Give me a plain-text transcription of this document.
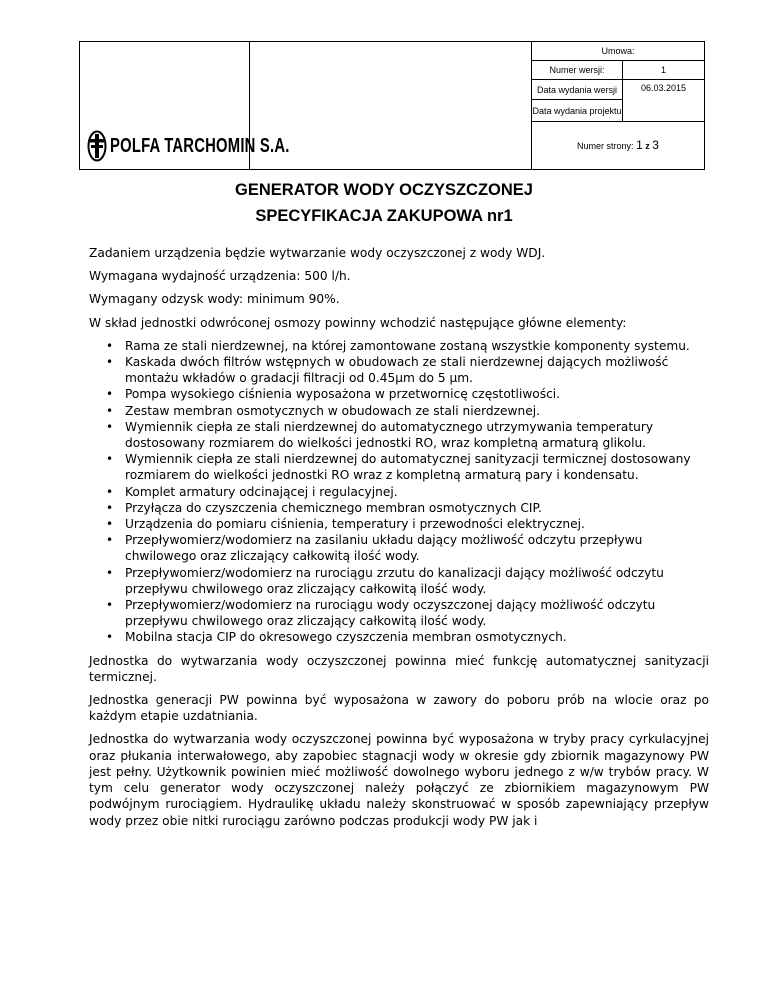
POLFA TARCHOMIN S.A.		Umowa:	
		Numer wersji:	1
		Data wydania wersji	06.03.2015
		Data wydania projektu	
		Numer strony: 1 z 3	
GENERATOR WODY OCZYSZCZONEJ
SPECYFIKACJA ZAKUPOWA nr1

Zadaniem urządzenia będzie wytwarzanie wody oczyszczonej z wody WDJ.

Wymagana wydajność urządzenia: 500 l/h.

Wymagany odzysk wody: minimum 90%.

W skład jednostki odwróconej osmozy powinny wchodzić następujące główne elementy:

• Rama ze stali nierdzewnej, na której zamontowane zostaną wszystkie komponenty systemu.
• Kaskada dwóch filtrów wstępnych w obudowach ze stali nierdzewnej dających możliwość montażu wkładów o gradacji filtracji od 0.45µm do 5 µm.
• Pompa wysokiego ciśnienia wyposażona w przetwornicę częstotliwości.
• Zestaw membran osmotycznych w obudowach ze stali nierdzewnej.
• Wymiennik ciepła ze stali nierdzewnej do automatycznego utrzymywania temperatury dostosowany rozmiarem do wielkości jednostki RO, wraz kompletną armaturą glikolu.
• Wymiennik ciepła ze stali nierdzewnej do automatycznej sanityzacji termicznej dostosowany rozmiarem do wielkości jednostki RO wraz z kompletną armaturą pary i kondensatu.
• Komplet armatury odcinającej i regulacyjnej.
• Przyłącza do czyszczenia chemicznego membran osmotycznych CIP.
• Urządzenia do pomiaru ciśnienia, temperatury i przewodności elektrycznej.
• Przepływomierz/wodomierz na zasilaniu układu dający możliwość odczytu przepływu chwilowego oraz zliczający całkowitą ilość wody.
• Przepływomierz/wodomierz na rurociągu zrzutu do kanalizacji dający możliwość odczytu przepływu chwilowego oraz zliczający całkowitą ilość wody.
• Przepływomierz/wodomierz na rurociągu wody oczyszczonej dający możliwość odczytu przepływu chwilowego oraz zliczający całkowitą ilość wody.
• Mobilna stacja CIP do okresowego czyszczenia membran osmotycznych.

Jednostka do wytwarzania wody oczyszczonej powinna mieć funkcję automatycznej sanityzacji termicznej.

Jednostka generacji PW powinna być wyposażona w zawory do poboru prób na wlocie oraz po każdym etapie uzdatniania.

Jednostka do wytwarzania wody oczyszczonej powinna być wyposażona w tryby pracy cyrkulacyjnej oraz płukania interwałowego, aby zapobiec stagnacji wody w okresie gdy zbiornik magazynowy PW jest pełny. Użytkownik powinien mieć możliwość dowolnego wyboru jednego z w/w trybów pracy. W tym celu generator wody oczyszczonej należy połączyć ze zbiornikiem magazynowym PW podwójnym rurociągiem. Hydraulikę układu należy skonstruować w sposób zapewniający przepływ wody przez obie nitki rurociągu zarówno podczas produkcji wody PW jak i
